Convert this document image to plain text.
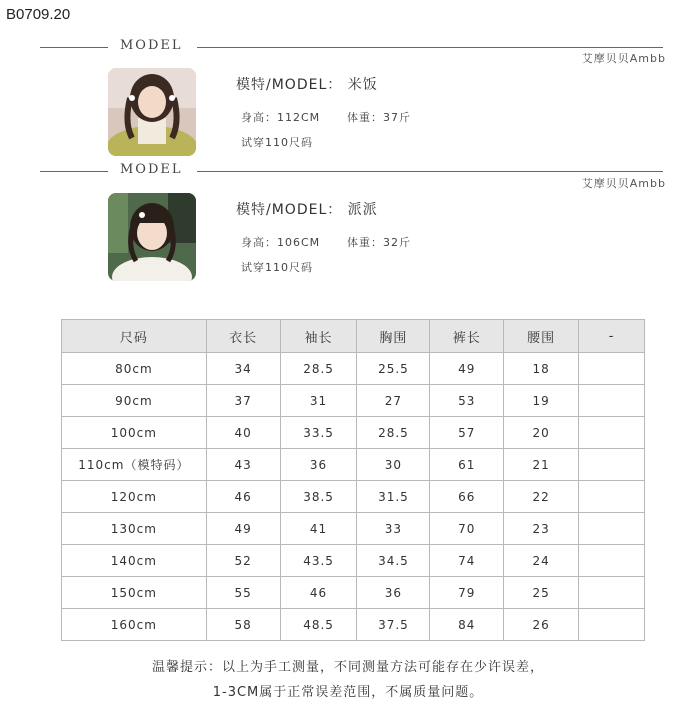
B0709.20
MODEL
艾摩贝贝Ambb
模特/MODEL： 米饭
身高：112CM 体重：37斤
试穿110尺码
MODEL
艾摩贝贝Ambb
模特/MODEL： 派派
身高：106CM 体重：32斤
试穿110尺码
尺码	衣长	袖长	胸围	裤长	腰围	-
80cm	34	28.5	25.5	49	18	
90cm	37	31	27	53	19	
100cm	40	33.5	28.5	57	20	
110cm（模特码）	43	36	30	61	21	
120cm	46	38.5	31.5	66	22	
130cm	49	41	33	70	23	
140cm	52	43.5	34.5	74	24	
150cm	55	46	36	79	25	
160cm	58	48.5	37.5	84	26	
温馨提示：以上为手工测量，不同测量方法可能存在少许误差，
1-3CM属于正常误差范围，不属质量问题。
